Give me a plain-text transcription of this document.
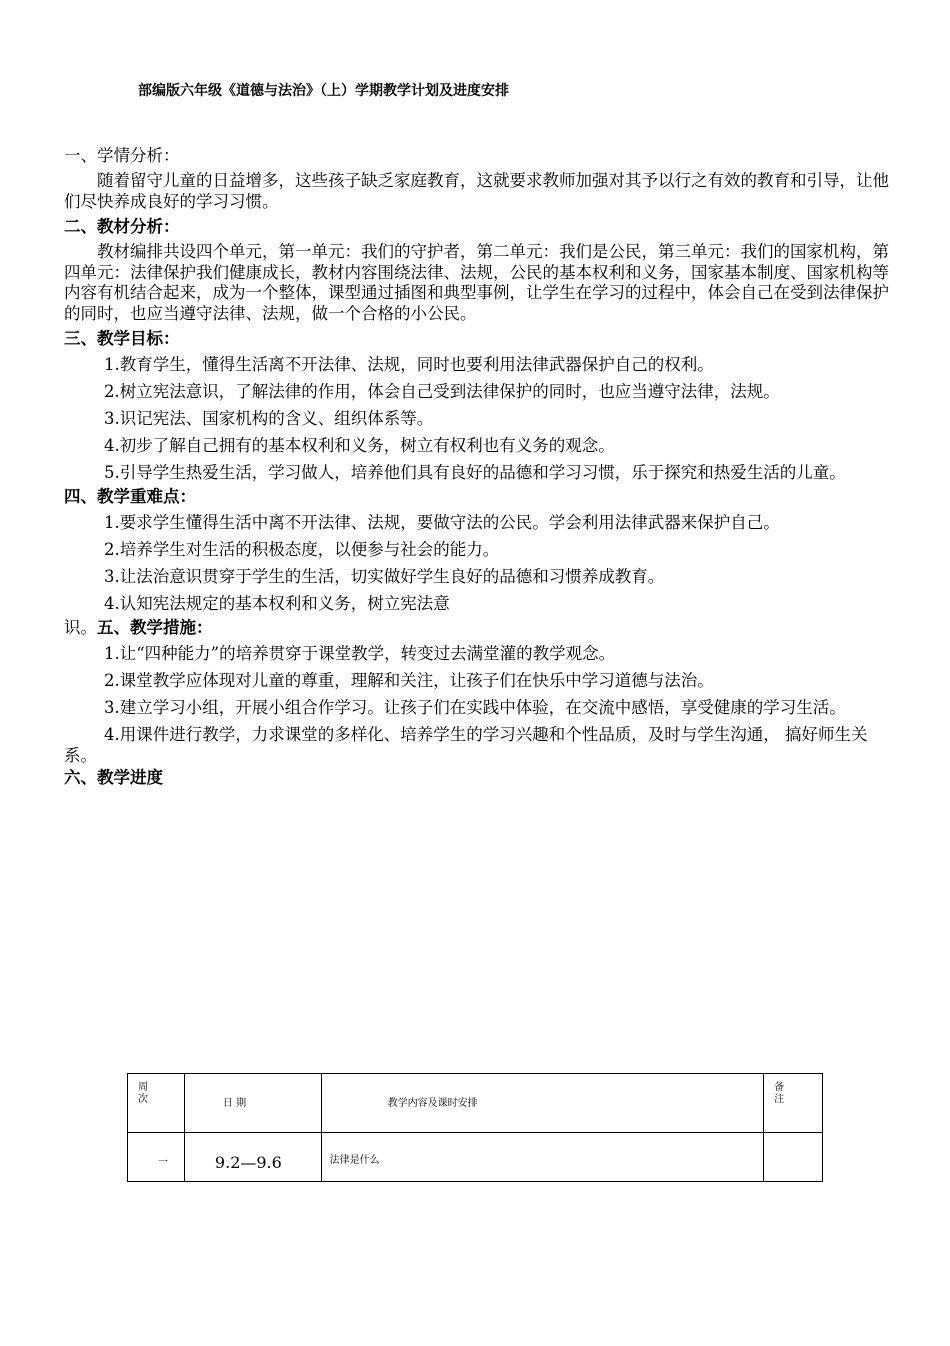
部编版六年级《道德与法治》（上）学期教学计划及进度安排

一、学情分析：

随着留守儿童的日益增多，这些孩子缺乏家庭教育，这就要求教师加强对其予以行之有效的教育和引导，让他们尽快养成良好的学习习惯。

二、教材分析：

教材编排共设四个单元，第一单元：我们的守护者，第二单元：我们是公民，第三单元：我们的国家机构，第四单元：法律保护我们健康成长，教材内容围绕法律、法规，公民的基本权利和义务，国家基本制度、国家机构等内容有机结合起来，成为一个整体，课型通过插图和典型事例，让学生在学习的过程中，体会自己在受到法律保护的同时，也应当遵守法律、法规，做一个合格的小公民。

三、教学目标：

1.教育学生，懂得生活离不开法律、法规，同时也要利用法律武器保护自己的权利。

2.树立宪法意识，了解法律的作用，体会自己受到法律保护的同时，也应当遵守法律，法规。

3.识记宪法、国家机构的含义、组织体系等。

4.初步了解自己拥有的基本权利和义务，树立有权利也有义务的观念。

5.引导学生热爱生活，学习做人，培养他们具有良好的品德和学习习惯，乐于探究和热爱生活的儿童。

四、教学重难点：

1.要求学生懂得生活中离不开法律、法规，要做守法的公民。学会利用法律武器来保护自己。

2.培养学生对生活的积极态度，以便参与社会的能力。

3.让法治意识贯穿于学生的生活，切实做好学生良好的品德和习惯养成教育。

4.认知宪法规定的基本权利和义务，树立宪法意

识。五、教学措施：

1.让“四种能力”的培养贯穿于课堂教学，转变过去满堂灌的教学观念。

2.课堂教学应体现对儿童的尊重，理解和关注，让孩子们在快乐中学习道德与法治。

3.建立学习小组，开展小组合作学习。让孩子们在实践中体验，在交流中感悟，享受健康的学习生活。

4.用课件进行教学，力求课堂的多样化、培养学生的学习兴趣和个性品质，及时与学生沟通， 搞好师生关系。

六、教学进度

周次	日 期	教学内容及课时安排	备注

一	9.2—9.6	法律是什么	
